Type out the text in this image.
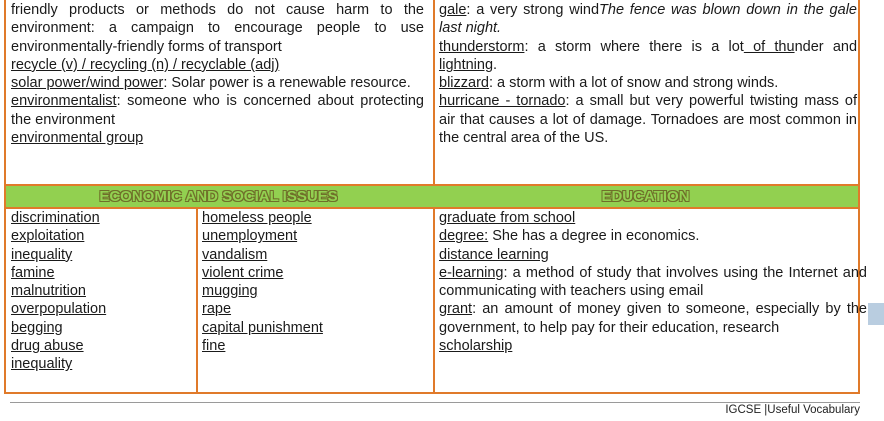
ECONOMIC AND SOCIAL ISSUES	EDUCATION
friendly products or methods do not cause harm to the environment: a campaign to encourage people to use environmentally-friendly forms of transport
recycle (v) / recycling (n) / recyclable (adj)
solar power/wind power: Solar power is a renewable resource.
environmentalist: someone who is concerned about protecting the environment
environmental group
gale: a very strong windThe fence was blown down in the gale last night.
thunderstorm: a storm where there is a lot of thunder and lightning.
blizzard: a storm with a lot of snow and strong winds.
hurricane - tornado: a small but very powerful twisting mass of air that causes a lot of damage. Tornadoes are most common in the central area of the US.
discrimination
exploitation
inequality
famine
malnutrition
overpopulation
begging
drug abuse
inequality
homeless people
unemployment
vandalism
violent crime
mugging
rape
capital punishment
fine
graduate from school
degree: She has a degree in economics.
distance learning
e-learning: a method of study that involves using the Internet and communicating with teachers using email
grant: an amount of money given to someone, especially by the government, to help pay for their education, research
scholarship
IGCSE |Useful Vocabulary
